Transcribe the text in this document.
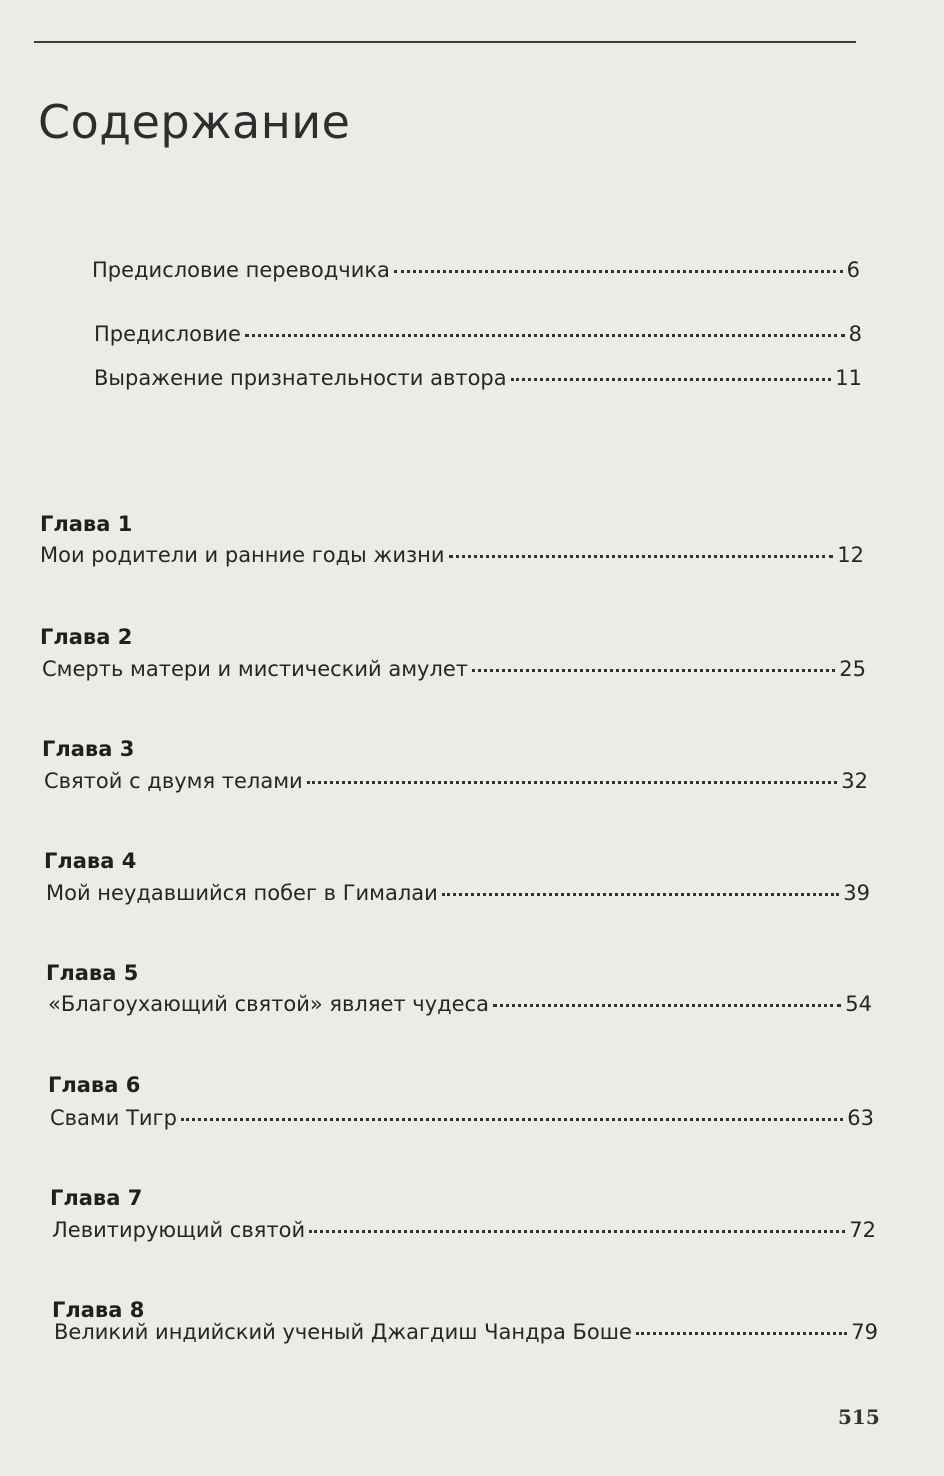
Содержание
Предисловие переводчика	6
Предисловие	8
Выражение признательности автора	11
Глава 1
Мои родители и ранние годы жизни	12
Глава 2
Смерть матери и мистический амулет	25
Глава 3
Святой с двумя телами	32
Глава 4
Мой неудавшийся побег в Гималаи	39
Глава 5
«Благоухающий святой» являет чудеса	54
Глава 6
Свами Тигр	63
Глава 7
Левитирующий святой	72
Глава 8
Великий индийский ученый Джагдиш Чандра Боше	79
515
